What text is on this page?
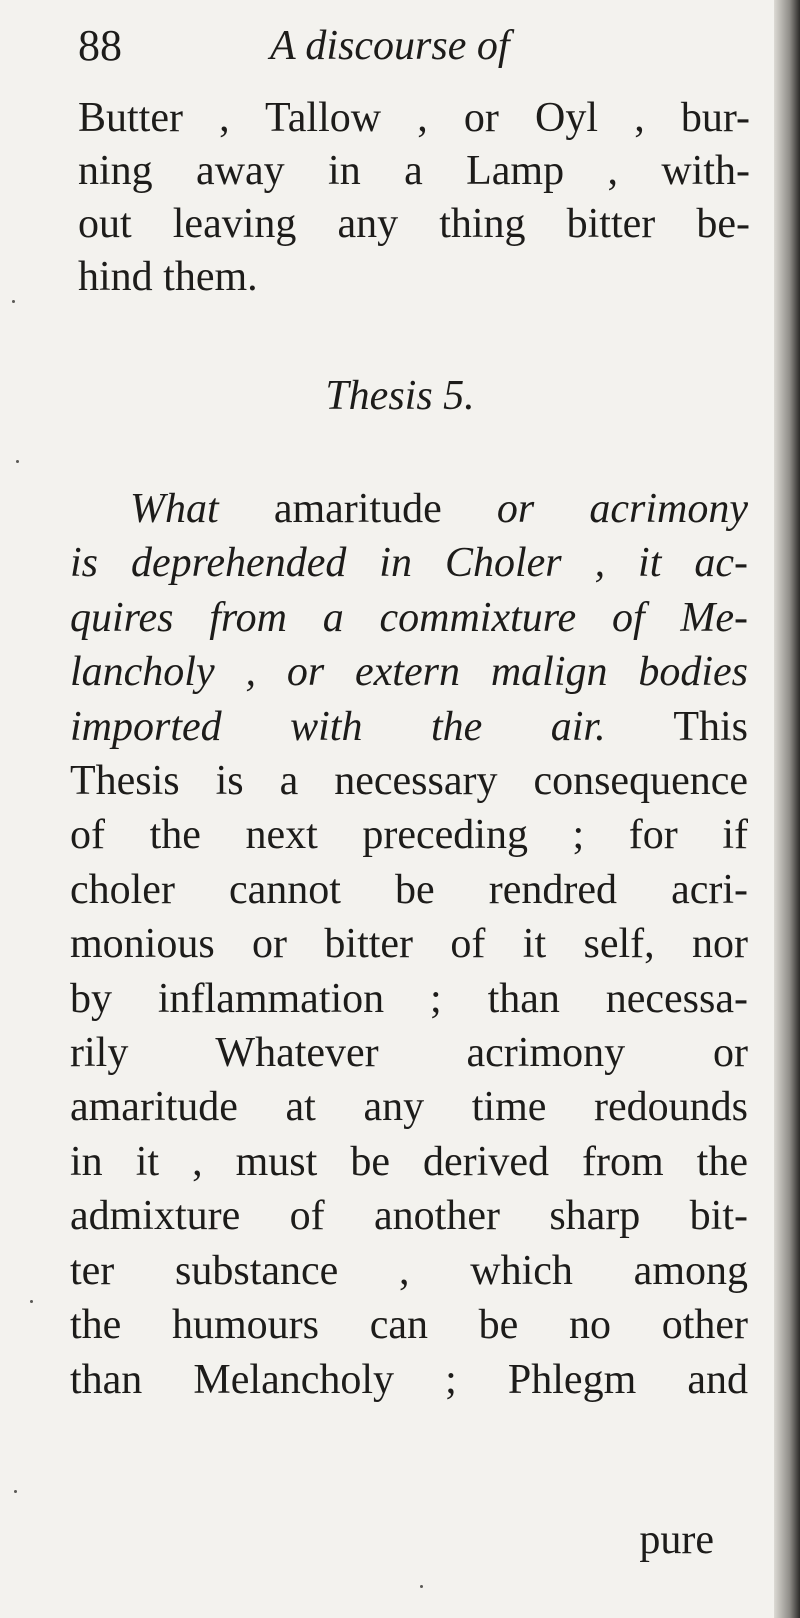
88	A discourse of
Butter , Tallow , or Oyl , bur-
ning away in a Lamp , with-
out leaving any thing bitter be-
hind them.
Thesis 5.
What amaritude or acrimony
is deprehended in Choler , it ac-
quires from a commixture of Me-
lancholy , or extern malign bodies
imported with the air. This
Thesis is a necessary consequence
of the next preceding ; for if
choler cannot be rendred acri-
monious or bitter of it self, nor
by inflammation ; than necessa-
rily Whatever acrimony or
amaritude at any time redounds
in it , must be derived from the
admixture of another sharp bit-
ter substance , which among
the humours can be no other
than Melancholy ; Phlegm and
pure
